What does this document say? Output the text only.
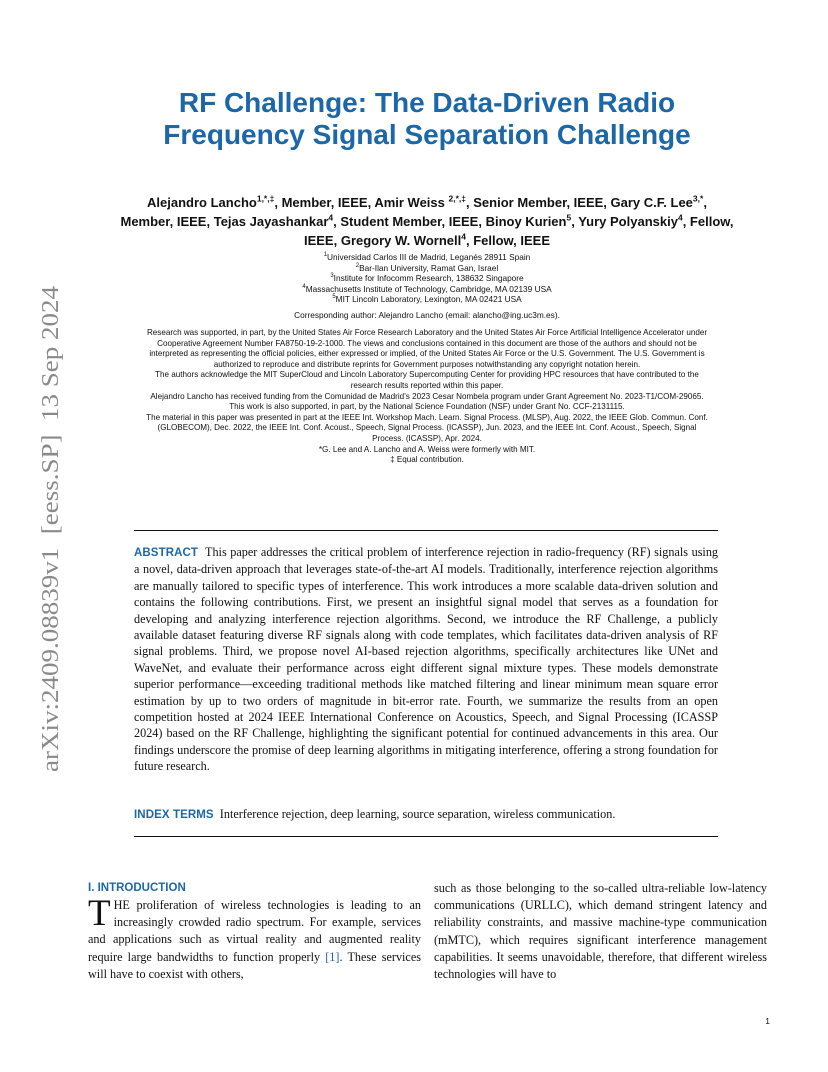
arXiv:2409.08839v1  [eess.SP]  13 Sep 2024
RF Challenge: The Data-Driven Radio Frequency Signal Separation Challenge
Alejandro Lancho$^{1,*,\ddagger}$, Member, IEEE, Amir Weiss $^{2,*,\ddagger}$, Senior Member, IEEE, Gary C.F. Lee$^{3,*}$, Member, IEEE, Tejas Jayashankar$^4$, Student Member, IEEE, Binoy Kurien$^5$, Yury Polyanskiy$^4$, Fellow, IEEE, Gregory W. Wornell$^4$, Fellow, IEEE
$^1$Universidad Carlos III de Madrid, Leganés 28911 Spain
$^2$Bar-Ilan University, Ramat Gan, Israel
$^3$Institute for Infocomm Research, 138632 Singapore
$^4$Massachusetts Institute of Technology, Cambridge, MA 02139 USA
$^5$MIT Lincoln Laboratory, Lexington, MA 02421 USA
Corresponding author: Alejandro Lancho (email: alancho@ing.uc3m.es).

Research was supported, in part, by the United States Air Force Research Laboratory and the United States Air Force Artificial Intelligence Accelerator under Cooperative Agreement Number FA8750-19-2-1000. The views and conclusions contained in this document are those of the authors and should not be interpreted as representing the official policies, either expressed or implied, of the United States Air Force or the U.S. Government. The U.S. Government is authorized to reproduce and distribute reprints for Government purposes notwithstanding any copyright notation herein.

The authors acknowledge the MIT SuperCloud and Lincoln Laboratory Supercomputing Center for providing HPC resources that have contributed to the research results reported within this paper.

Alejandro Lancho has received funding from the Comunidad de Madrid’s 2023 Cesar Nombela program under Grant Agreement No. 2023-T1/COM-29065.

This work is also supported, in part, by the National Science Foundation (NSF) under Grant No. CCF-2131115.

The material in this paper was presented in part at the IEEE Int. Workshop Mach. Learn. Signal Process. (MLSP), Aug. 2022, the IEEE Glob. Commun. Conf. (GLOBECOM), Dec. 2022, the IEEE Int. Conf. Acoust., Speech, Signal Process. (ICASSP), Jun. 2023, and the IEEE Int. Conf. Acoust., Speech, Signal Process. (ICASSP), Apr. 2024.

*G. Lee and A. Lancho and A. Weiss were formerly with MIT.

‡ Equal contribution.

ABSTRACT This paper addresses the critical problem of interference rejection in radio-frequency (RF) signals using a novel, data-driven approach that leverages state-of-the-art AI models. Traditionally, interference rejection algorithms are manually tailored to specific types of interference. This work introduces a more scalable data-driven solution and contains the following contributions. First, we present an insightful signal model that serves as a foundation for developing and analyzing interference rejection algorithms. Second, we introduce the RF Challenge, a publicly available dataset featuring diverse RF signals along with code templates, which facilitates data-driven analysis of RF signal problems. Third, we propose novel AI-based rejection algorithms, specifically architectures like UNet and WaveNet, and evaluate their performance across eight different signal mixture types. These models demonstrate superior performance—exceeding traditional methods like matched filtering and linear minimum mean square error estimation by up to two orders of magnitude in bit-error rate. Fourth, we summarize the results from an open competition hosted at 2024 IEEE International Conference on Acoustics, Speech, and Signal Processing (ICASSP 2024) based on the RF Challenge, highlighting the significant potential for continued advancements in this area. Our findings underscore the promise of deep learning algorithms in mitigating interference, offering a strong foundation for future research.

INDEX TERMS Interference rejection, deep learning, source separation, wireless communication.

I. INTRODUCTION

THE proliferation of wireless technologies is leading to an increasingly crowded radio spectrum. For example, services and applications such as virtual reality and augmented reality require large bandwidths to function properly [1]. These services will have to coexist with others,

such as those belonging to the so-called ultra-reliable low-latency communications (URLLC), which demand stringent latency and reliability constraints, and massive machine-type communication (mMTC), which requires significant interference management capabilities. It seems unavoidable, therefore, that different wireless technologies will have to

1
